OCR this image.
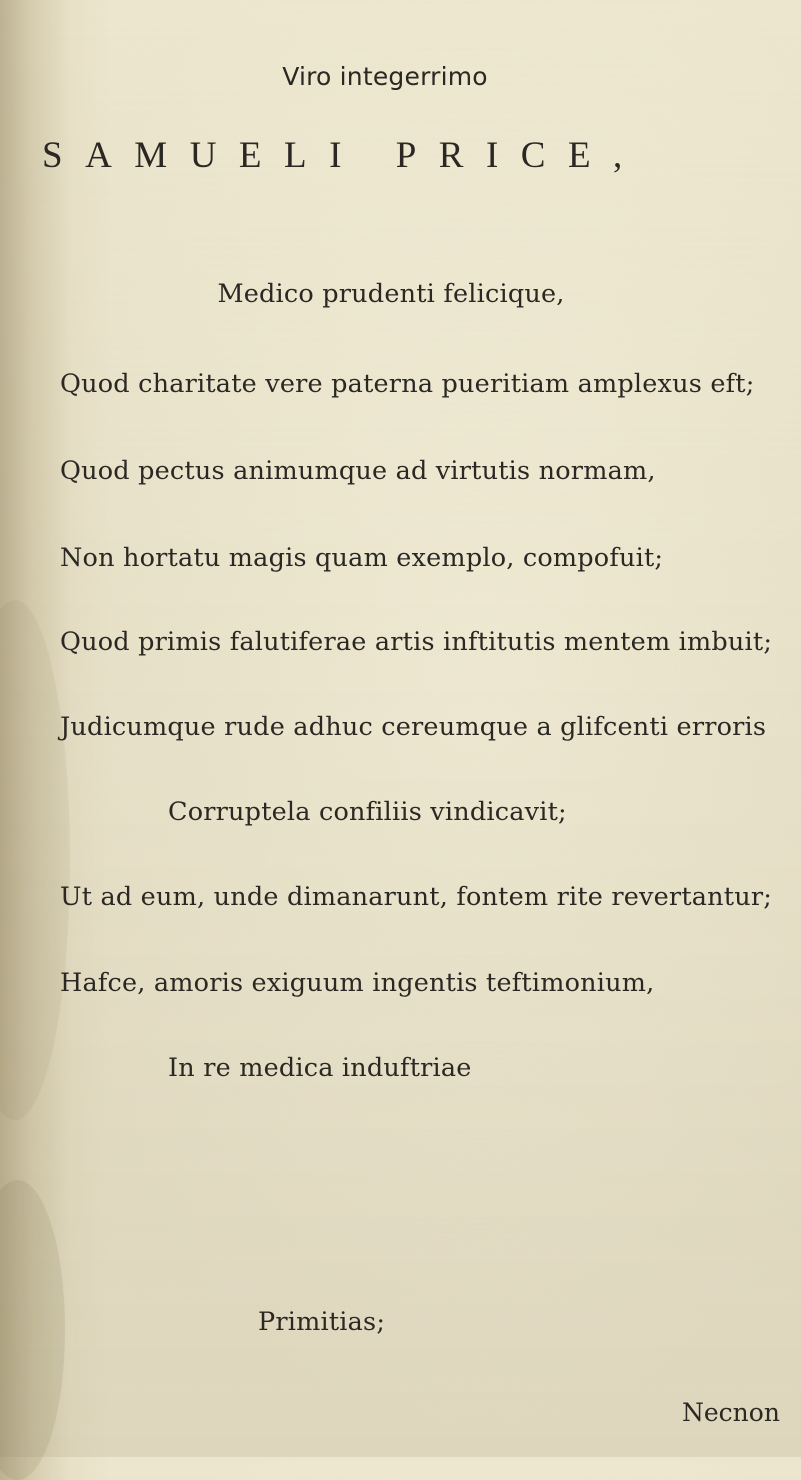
Viro integerrimo
SAMUELI PRICE,
Medico prudenti felicique,
Quod charitate vere paterna pueritiam amplexus eft;
Quod pectus animumque ad virtutis normam,
Non hortatu magis quam exemplo, compofuit;
Quod primis falutiferae artis inftitutis mentem imbuit;
Judicumque rude adhuc cereumque a glifcenti erroris
Corruptela confiliis vindicavit;
Ut ad eum, unde dimanarunt, fontem rite revertantur;
Hafce, amoris exiguum ingentis teftimonium,
In re medica induftriae
Primitias;
Necnon
